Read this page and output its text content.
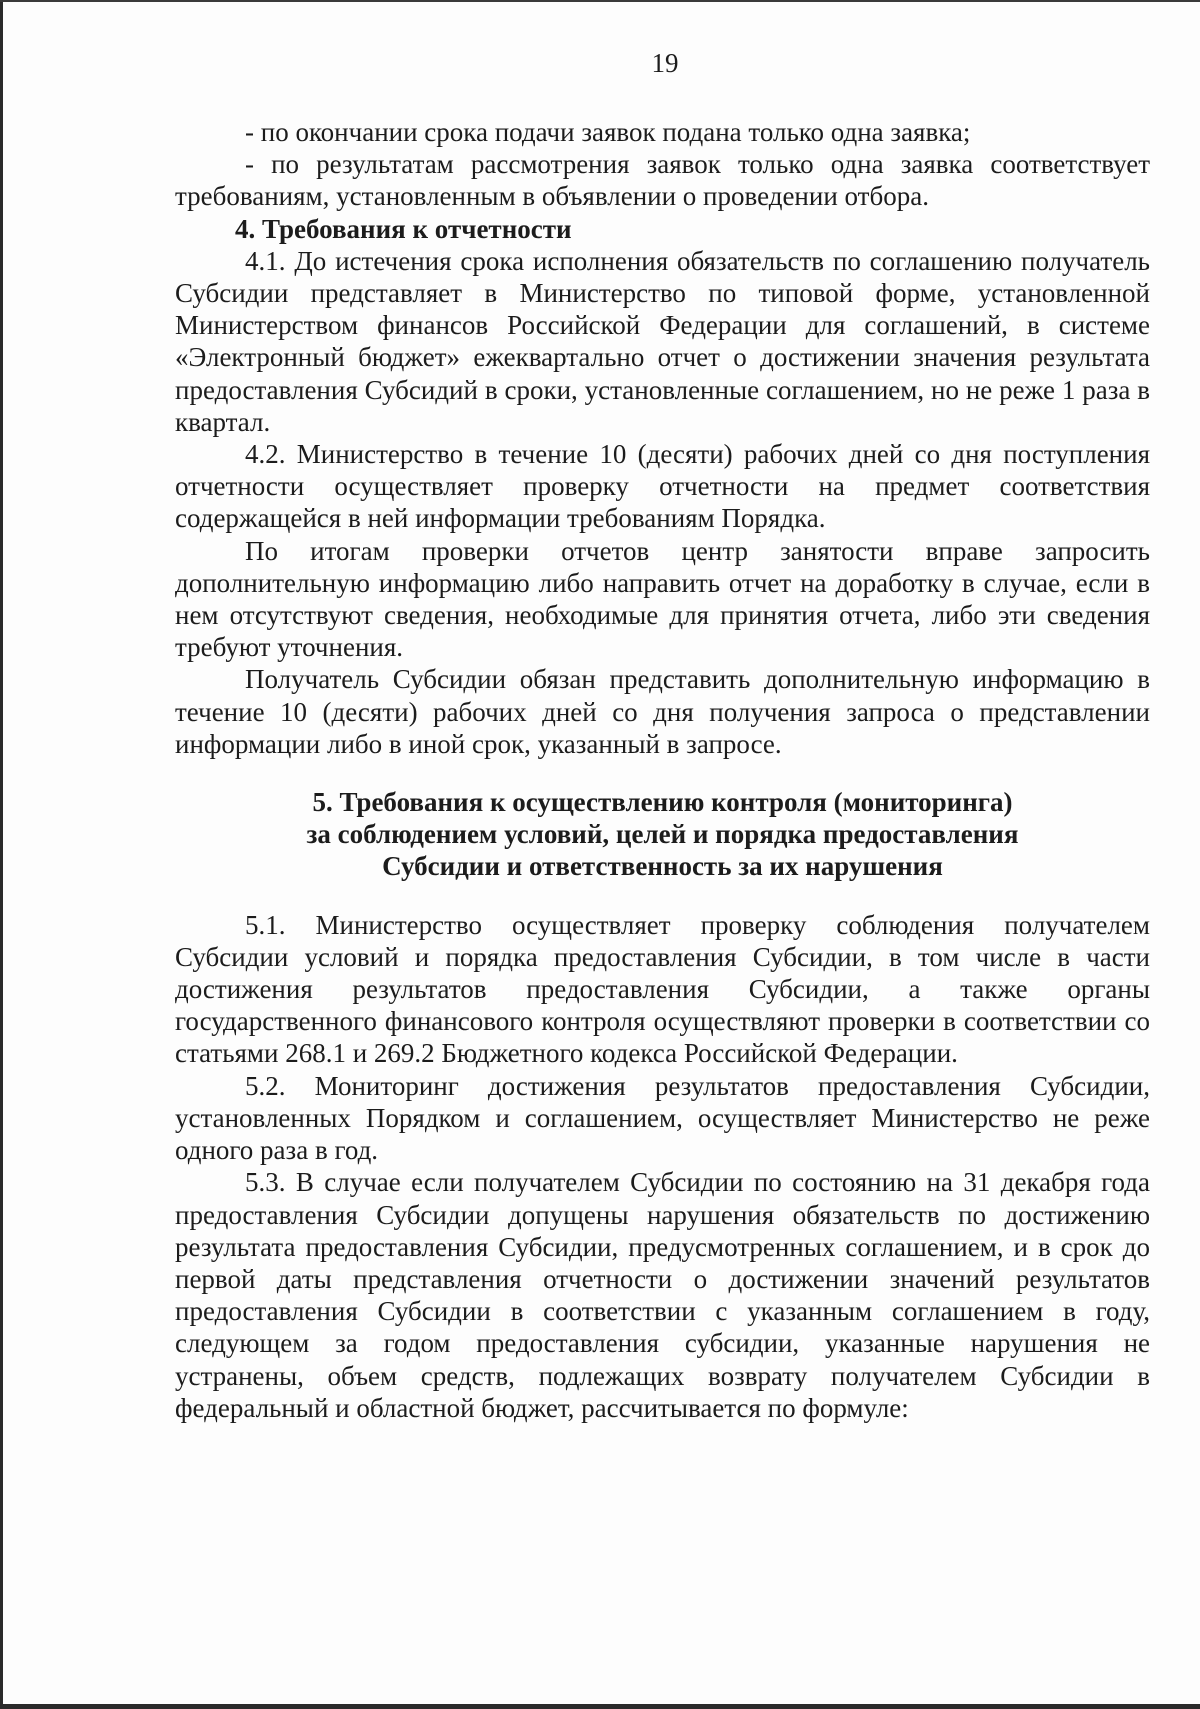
19

- по окончании срока подачи заявок подана только одна заявка;

- по результатам рассмотрения заявок только одна заявка соответствует требованиям, установленным в объявлении о проведении отбора.

4. Требования к отчетности

4.1. До истечения срока исполнения обязательств по соглашению получатель Субсидии представляет в Министерство по типовой форме, установленной Министерством финансов Российской Федерации для соглашений, в системе «Электронный бюджет» ежеквартально отчет о достижении значения результата предоставления Субсидий в сроки, установленные соглашением, но не реже 1 раза в квартал.

4.2. Министерство в течение 10 (десяти) рабочих дней со дня поступления отчетности осуществляет проверку отчетности на предмет соответствия содержащейся в ней информации требованиям Порядка.

По итогам проверки отчетов центр занятости вправе запросить дополнительную информацию либо направить отчет на доработку в случае, если в нем отсутствуют сведения, необходимые для принятия отчета, либо эти сведения требуют уточнения.

Получатель Субсидии обязан представить дополнительную информацию в течение 10 (десяти) рабочих дней со дня получения запроса о представлении информации либо в иной срок, указанный в запросе.

5. Требования к осуществлению контроля (мониторинга)
за соблюдением условий, целей и порядка предоставления
Субсидии и ответственность за их нарушения

5.1. Министерство осуществляет проверку соблюдения получателем Субсидии условий и порядка предоставления Субсидии, в том числе в части достижения результатов предоставления Субсидии, а также органы государственного финансового контроля осуществляют проверки в соответствии со статьями 268.1 и 269.2 Бюджетного кодекса Российской Федерации.

5.2. Мониторинг достижения результатов предоставления Субсидии, установленных Порядком и соглашением, осуществляет Министерство не реже одного раза в год.

5.3. В случае если получателем Субсидии по состоянию на 31 декабря года предоставления Субсидии допущены нарушения обязательств по достижению результата предоставления Субсидии, предусмотренных соглашением, и в срок до первой даты представления отчетности о достижении значений результатов предоставления Субсидии в соответствии с указанным соглашением в году, следующем за годом предоставления субсидии, указанные нарушения не устранены, объем средств, подлежащих возврату получателем Субсидии в федеральный и областной бюджет, рассчитывается по формуле:
